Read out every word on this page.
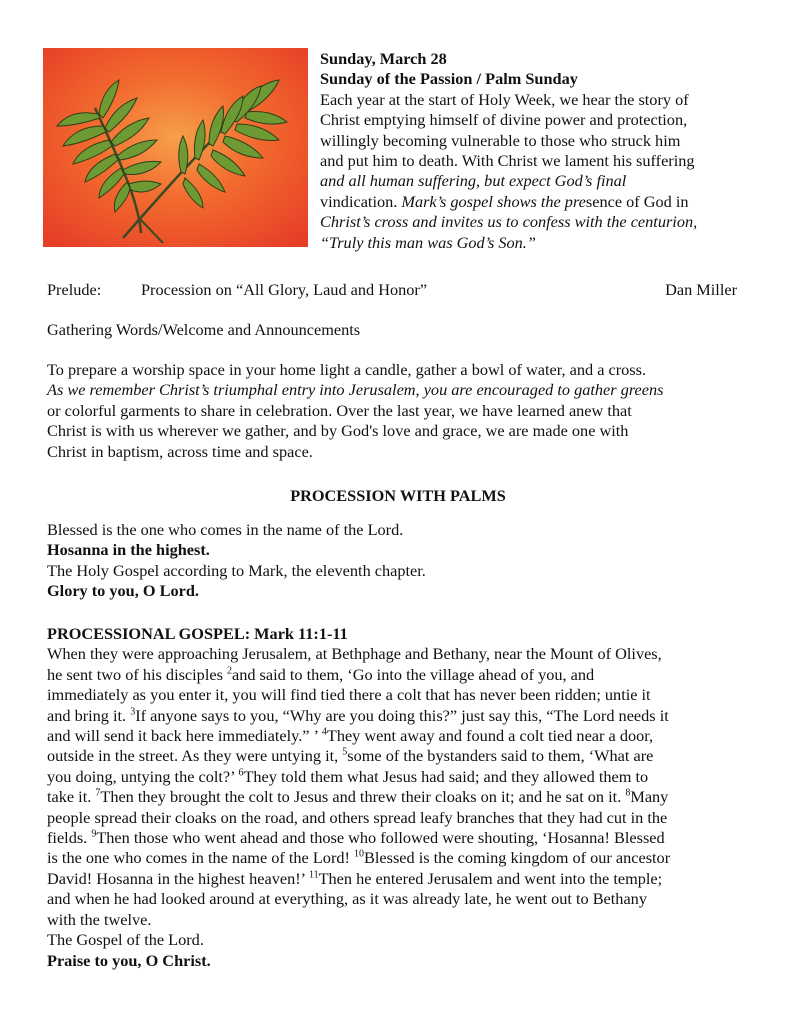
Sunday, March 28
Sunday of the Passion / Palm Sunday
Each year at the start of Holy Week, we hear the story of
Christ emptying himself of divine power and protection,
willingly becoming vulnerable to those who struck him
and put him to death. With Christ we lament his suffering
and all human suffering, but expect God’s final
vindication. Mark’s gospel shows the presence of God in
Christ’s cross and invites us to confess with the centurion,
“Truly this man was God’s Son.”
Prelude: Procession on “All Glory, Laud and Honor”	Dan Miller
Gathering Words/Welcome and Announcements
To prepare a worship space in your home light a candle, gather a bowl of water, and a cross.
As we remember Christ’s triumphal entry into Jerusalem, you are encouraged to gather greens
or colorful garments to share in celebration. Over the last year, we have learned anew that
Christ is with us wherever we gather, and by God's love and grace, we are made one with
Christ in baptism, across time and space.
PROCESSION WITH PALMS
Blessed is the one who comes in the name of the Lord.
Hosanna in the highest.
The Holy Gospel according to Mark, the eleventh chapter.
Glory to you, O Lord.
PROCESSIONAL GOSPEL: Mark 11:1-11
When they were approaching Jerusalem, at Bethphage and Bethany, near the Mount of Olives,
he sent two of his disciples $^2$and said to them, ‘Go into the village ahead of you, and
immediately as you enter it, you will find tied there a colt that has never been ridden; untie it
and bring it. $^3$If anyone says to you, “Why are you doing this?” just say this, “The Lord needs it
and will send it back here immediately.” ’ $^4$They went away and found a colt tied near a door,
outside in the street. As they were untying it, $^5$some of the bystanders said to them, ‘What are
you doing, untying the colt?’ $^6$They told them what Jesus had said; and they allowed them to
take it. $^7$Then they brought the colt to Jesus and threw their cloaks on it; and he sat on it. $^8$Many
people spread their cloaks on the road, and others spread leafy branches that they had cut in the
fields. $^9$Then those who went ahead and those who followed were shouting, ‘Hosanna! Blessed
is the one who comes in the name of the Lord! $^{10}$Blessed is the coming kingdom of our ancestor
David! Hosanna in the highest heaven!’ $^{11}$Then he entered Jerusalem and went into the temple;
and when he had looked around at everything, as it was already late, he went out to Bethany
with the twelve.
The Gospel of the Lord.
Praise to you, O Christ.
